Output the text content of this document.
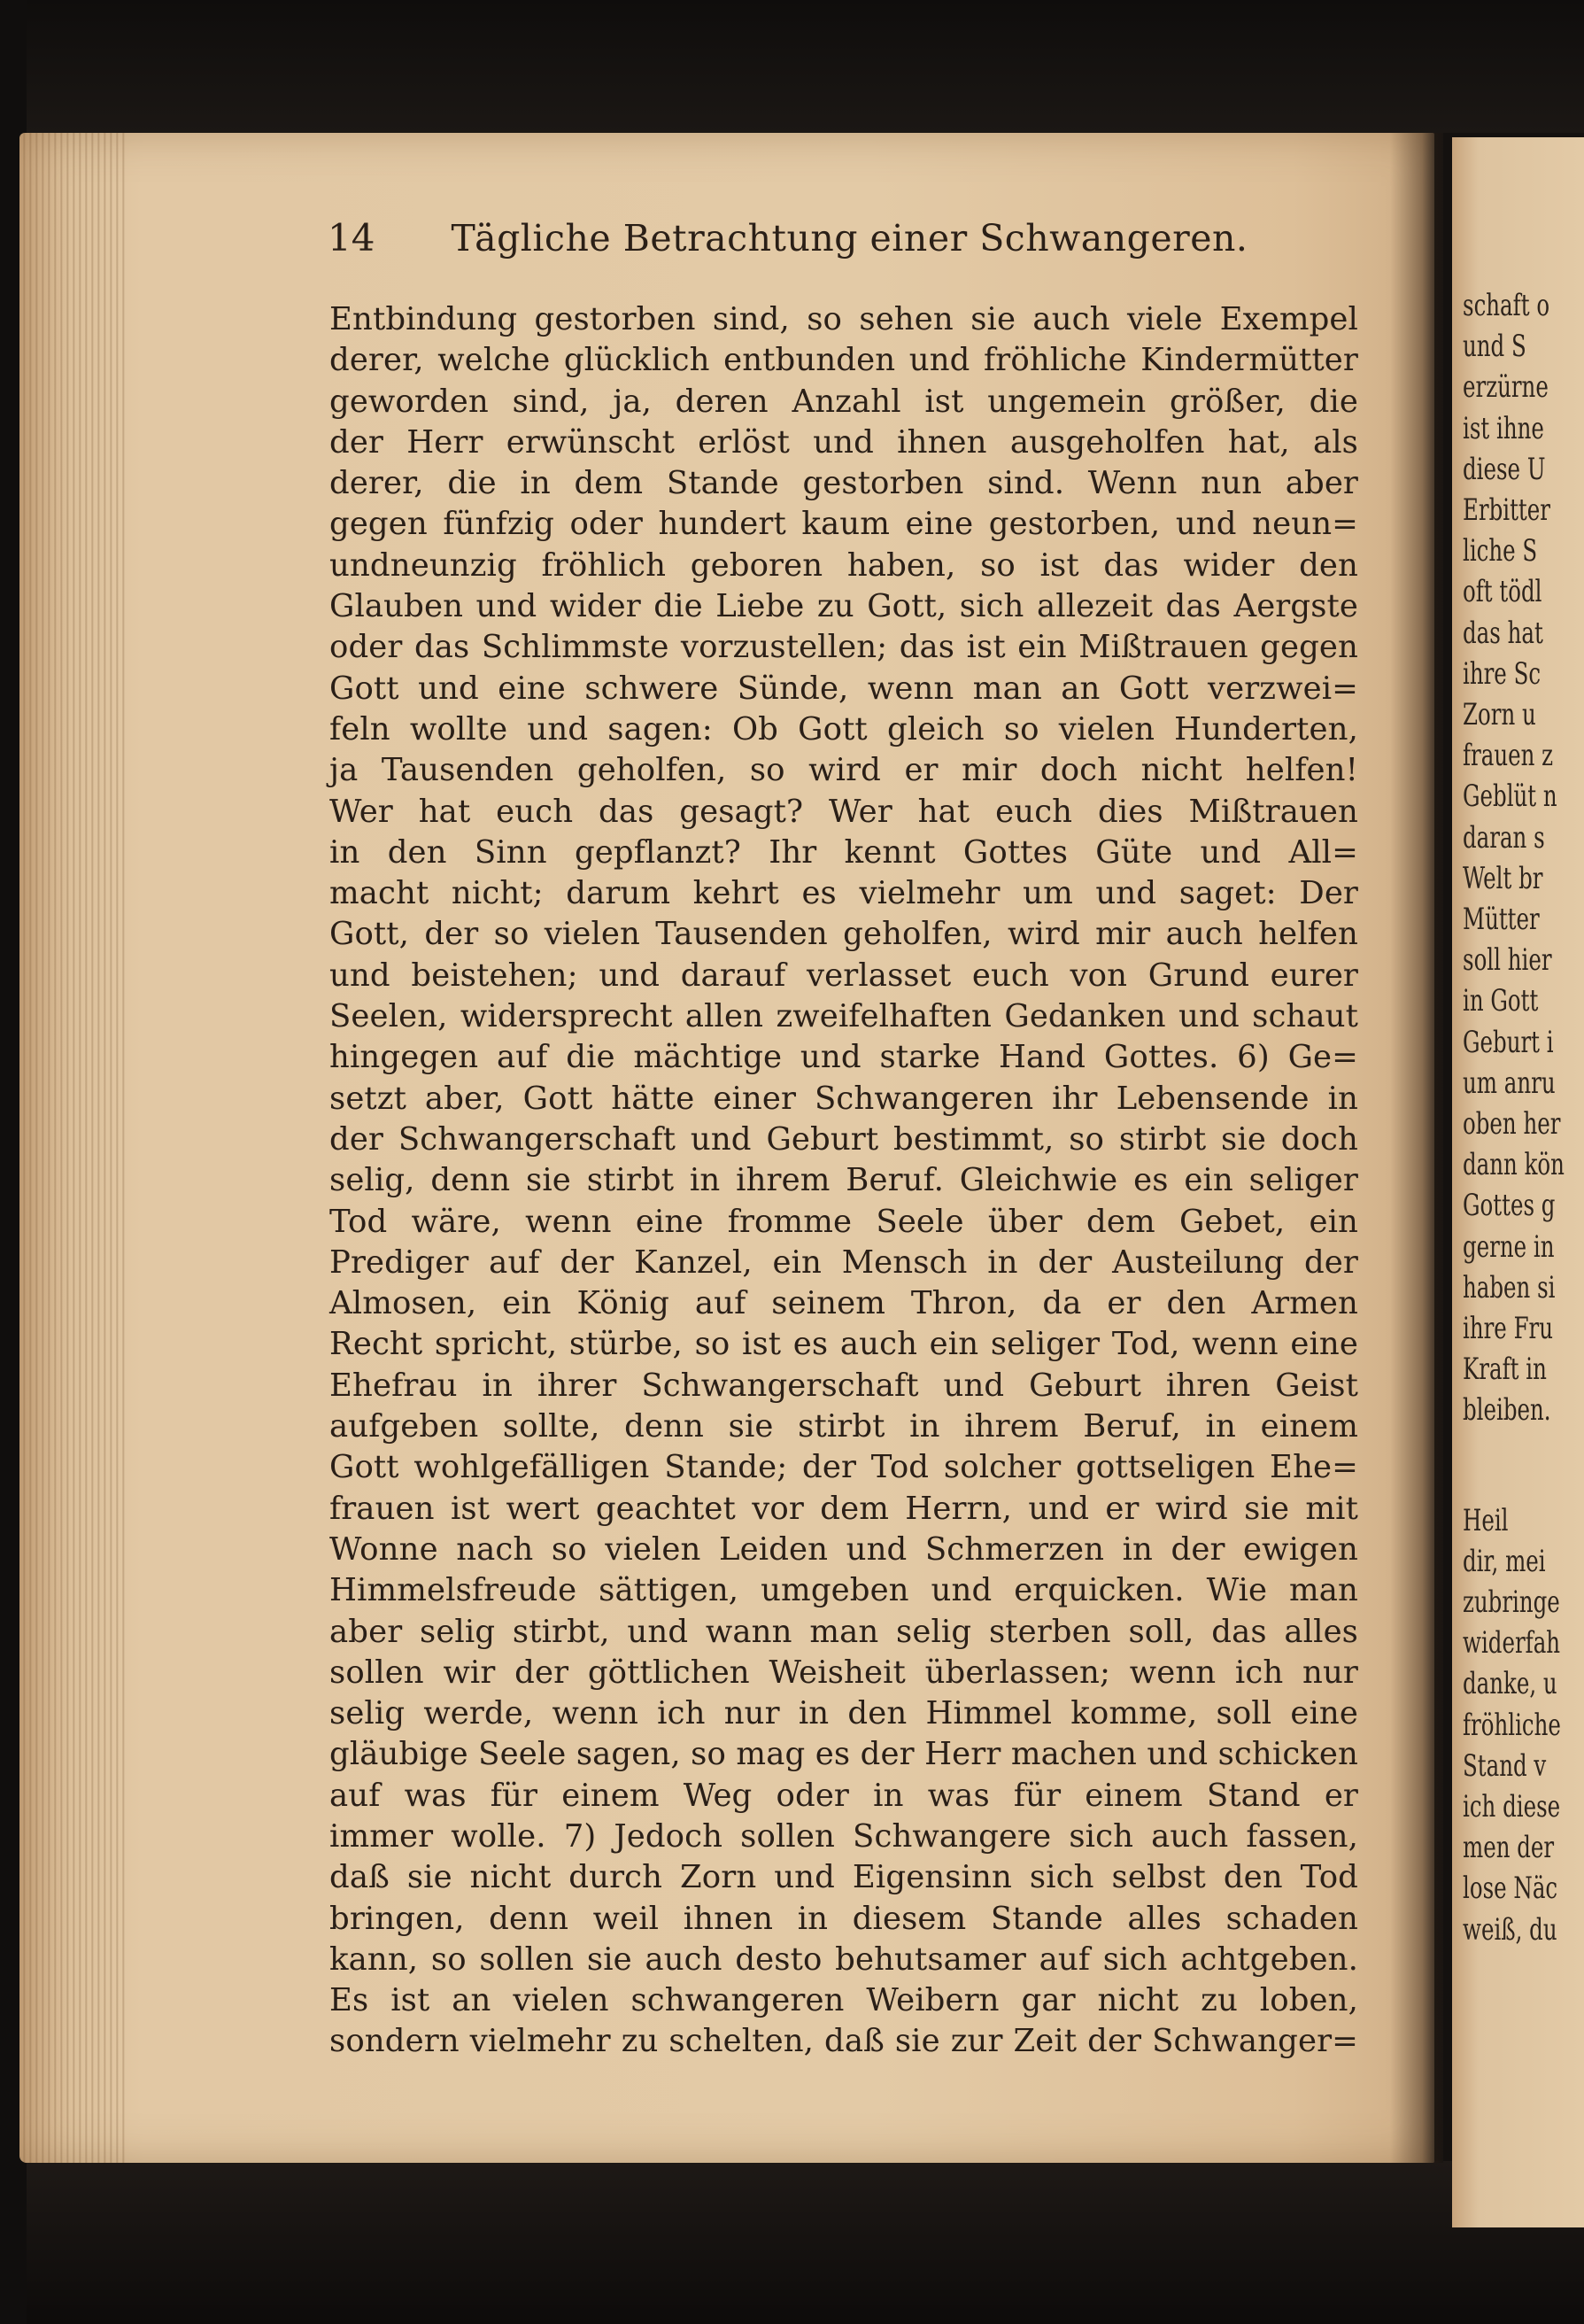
14 Tägliche Betrachtung einer Schwangeren.
Entbindung gestorben sind, so sehen sie auch viele Exempel
derer, welche glücklich entbunden und fröhliche Kindermütter
geworden sind, ja, deren Anzahl ist ungemein größer, die
der Herr erwünscht erlöst und ihnen ausgeholfen hat, als
derer, die in dem Stande gestorben sind. Wenn nun aber
gegen fünfzig oder hundert kaum eine gestorben, und neun=
undneunzig fröhlich geboren haben, so ist das wider den
Glauben und wider die Liebe zu Gott, sich allezeit das Aergste
oder das Schlimmste vorzustellen; das ist ein Mißtrauen gegen
Gott und eine schwere Sünde, wenn man an Gott verzwei=
feln wollte und sagen: Ob Gott gleich so vielen Hunderten,
ja Tausenden geholfen, so wird er mir doch nicht helfen!
Wer hat euch das gesagt? Wer hat euch dies Mißtrauen
in den Sinn gepflanzt? Ihr kennt Gottes Güte und All=
macht nicht; darum kehrt es vielmehr um und saget: Der
Gott, der so vielen Tausenden geholfen, wird mir auch helfen
und beistehen; und darauf verlasset euch von Grund eurer
Seelen, widersprecht allen zweifelhaften Gedanken und schaut
hingegen auf die mächtige und starke Hand Gottes. 6) Ge=
setzt aber, Gott hätte einer Schwangeren ihr Lebensende in
der Schwangerschaft und Geburt bestimmt, so stirbt sie doch
selig, denn sie stirbt in ihrem Beruf. Gleichwie es ein seliger
Tod wäre, wenn eine fromme Seele über dem Gebet, ein
Prediger auf der Kanzel, ein Mensch in der Austeilung der
Almosen, ein König auf seinem Thron, da er den Armen
Recht spricht, stürbe, so ist es auch ein seliger Tod, wenn eine
Ehefrau in ihrer Schwangerschaft und Geburt ihren Geist
aufgeben sollte, denn sie stirbt in ihrem Beruf, in einem
Gott wohlgefälligen Stande; der Tod solcher gottseligen Ehe=
frauen ist wert geachtet vor dem Herrn, und er wird sie mit
Wonne nach so vielen Leiden und Schmerzen in der ewigen
Himmelsfreude sättigen, umgeben und erquicken. Wie man
aber selig stirbt, und wann man selig sterben soll, das alles
sollen wir der göttlichen Weisheit überlassen; wenn ich nur
selig werde, wenn ich nur in den Himmel komme, soll eine
gläubige Seele sagen, so mag es der Herr machen und schicken
auf was für einem Weg oder in was für einem Stand er
immer wolle. 7) Jedoch sollen Schwangere sich auch fassen,
daß sie nicht durch Zorn und Eigensinn sich selbst den Tod
bringen, denn weil ihnen in diesem Stande alles schaden
kann, so sollen sie auch desto behutsamer auf sich achtgeben.
Es ist an vielen schwangeren Weibern gar nicht zu loben,
sondern vielmehr zu schelten, daß sie zur Zeit der Schwanger=
schaft o
und S
erzürne
ist ihne
diese U
Erbitter
liche S
oft tödl
das hat
ihre Sc
Zorn u
frauen z
Geblüt n
daran s
Welt br
Mütter
soll hier
in Gott
Geburt i
um anru
oben her
dann kön
Gottes g
gerne in
haben si
ihre Fru
Kraft in
bleiben.
Heil
dir, mei
zubringe
widerfah
danke, u
fröhliche
Stand v
ich diese
men der
lose Näc
weiß, du
